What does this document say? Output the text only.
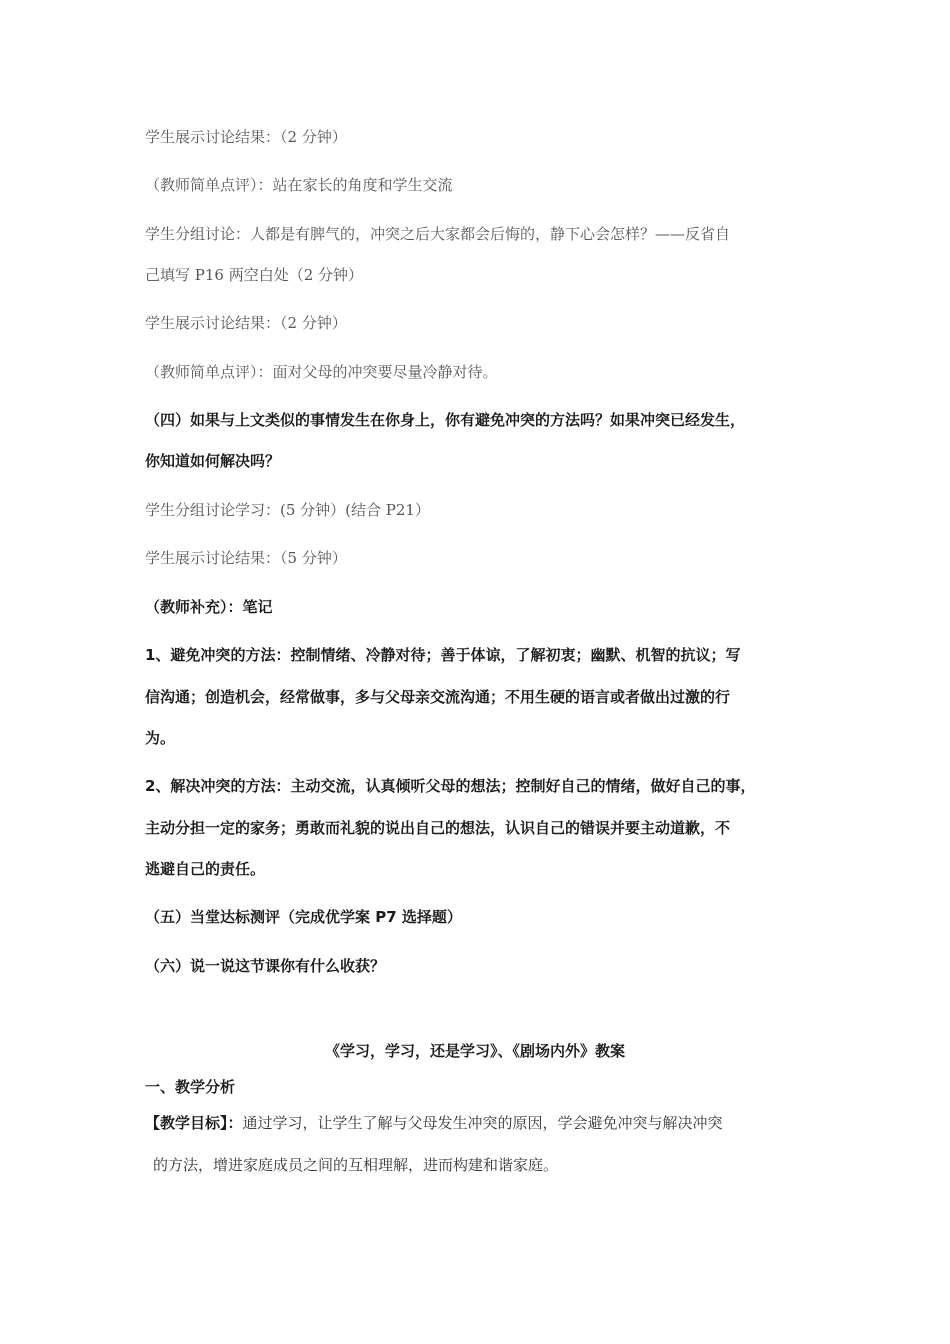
学生展示讨论结果：（2 分钟）
（教师简单点评）：站在家长的角度和学生交流
学生分组讨论：人都是有脾气的，冲突之后大家都会后悔的，静下心会怎样？——反省自
己填写 P16 两空白处（2 分钟）
学生展示讨论结果：（2 分钟）
（教师简单点评）：面对父母的冲突要尽量冷静对待。
（四）如果与上文类似的事情发生在你身上，你有避免冲突的方法吗？如果冲突已经发生，
你知道如何解决吗？
学生分组讨论学习：(5 分钟）(结合 P21）
学生展示讨论结果：（5 分钟）
（教师补充）：笔记
1、避免冲突的方法：控制情绪、冷静对待；善于体谅，了解初衷；幽默、机智的抗议；写
信沟通；创造机会，经常做事，多与父母亲交流沟通；不用生硬的语言或者做出过激的行
为。
2、解决冲突的方法：主动交流，认真倾听父母的想法；控制好自己的情绪，做好自己的事，
主动分担一定的家务；勇敢而礼貌的说出自己的想法，认识自己的错误并要主动道歉，不
逃避自己的责任。
（五）当堂达标测评（完成优学案 P7 选择题）
（六）说一说这节课你有什么收获？
《学习，学习，还是学习》、《剧场内外》教案
一、教学分析
【教学目标】：通过学习，让学生了解与父母发生冲突的原因，学会避免冲突与解决冲突
的方法，增进家庭成员之间的互相理解，进而构建和谐家庭。
